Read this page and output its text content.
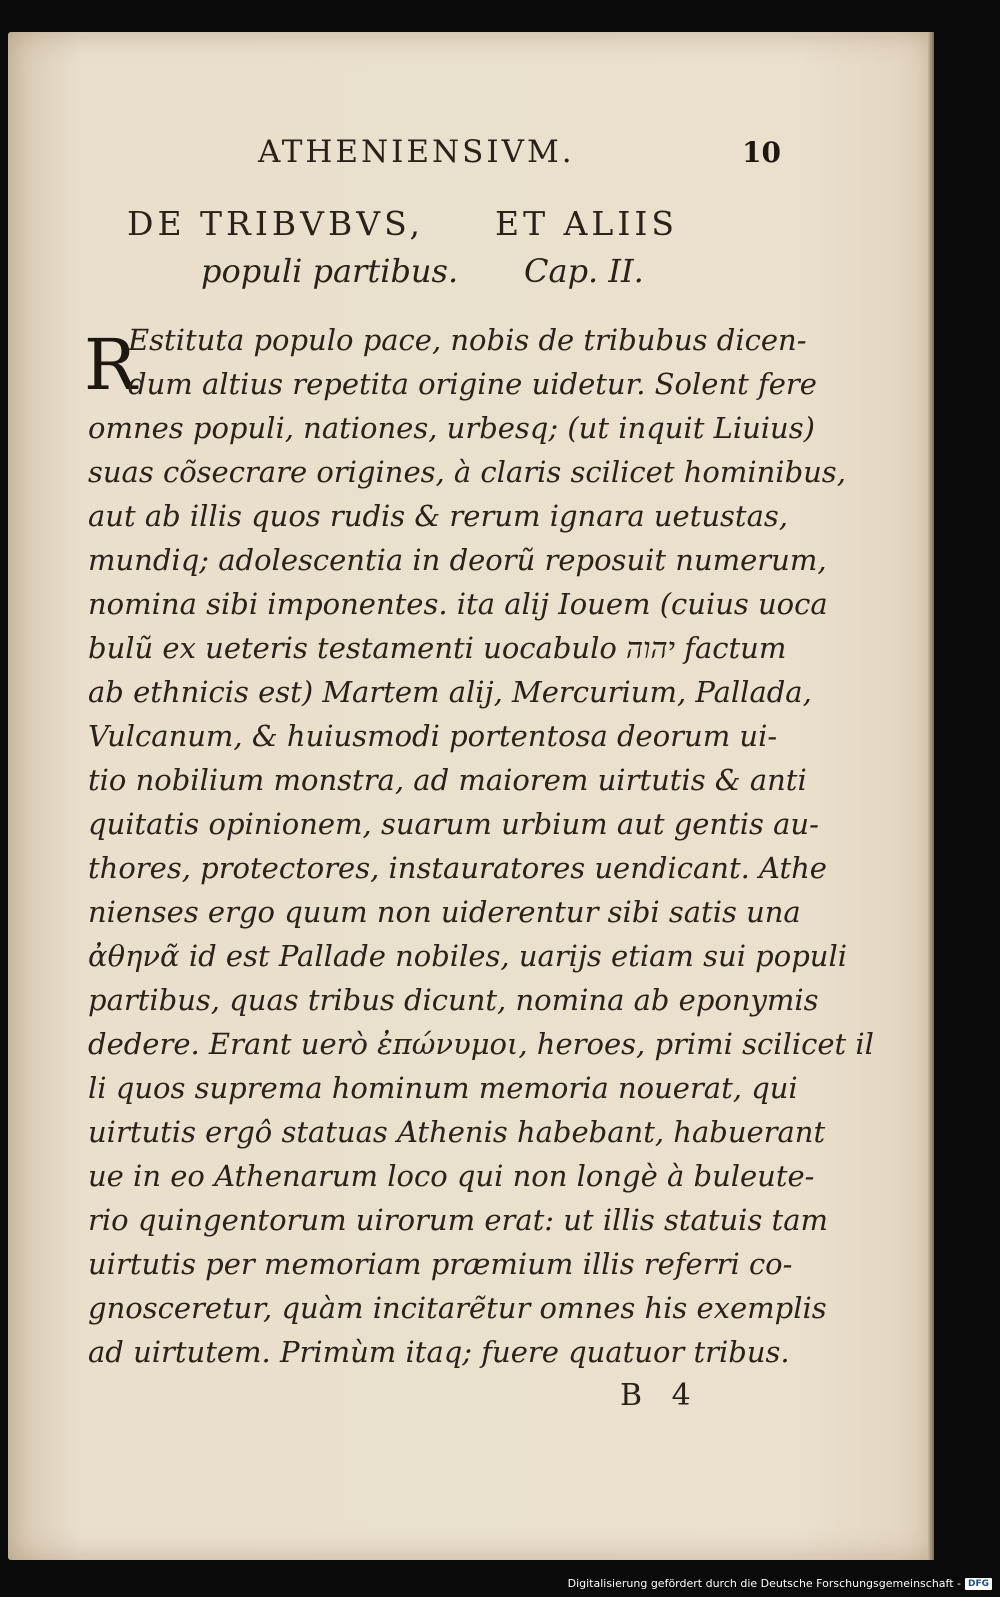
ATHENIENSIVM.	10
DE TRIBVBVS, ET ALIIS
populi partibus. Cap. II.
R
Estituta populo pace, nobis de tribubus dicen-
dum altius repetita origine uidetur. Solent fere
omnes populi, nationes, urbesq; (ut inquit Liuius)
suas cõsecrare origines, à claris scilicet hominibus,
aut ab illis quos rudis & rerum ignara uetustas,
mundiq; adolescentia in deorũ reposuit numerum,
nomina sibi imponentes. ita alij Iouem (cuius uoca
bulũ ex ueteris testamenti uocabulo יהוה factum
ab ethnicis est) Martem alij, Mercurium, Pallada,
Vulcanum, & huiusmodi portentosa deorum ui-
tio nobilium monstra, ad maiorem uirtutis & anti
quitatis opinionem, suarum urbium aut gentis au-
thores, protectores, instauratores uendicant. Athe
nienses ergo quum non uiderentur sibi satis una
ἀθηνᾶ id est Pallade nobiles, uarijs etiam sui populi
partibus, quas tribus dicunt, nomina ab eponymis
dedere. Erant uerò ἐπώνυμοι, heroes, primi scilicet il
li quos suprema hominum memoria nouerat, qui
uirtutis ergô statuas Athenis habebant, habuerant
ue in eo Athenarum loco qui non longè à buleute-
rio quingentorum uirorum erat: ut illis statuis tam
uirtutis per memoriam præmium illis referri co-
gnosceretur, quàm incitarẽtur omnes his exemplis
ad uirtutem. Primùm itaq; fuere quatuor tribus.
B 4
Digitalisierung gefördert durch die Deutsche Forschungsgemeinschaft - DFG
